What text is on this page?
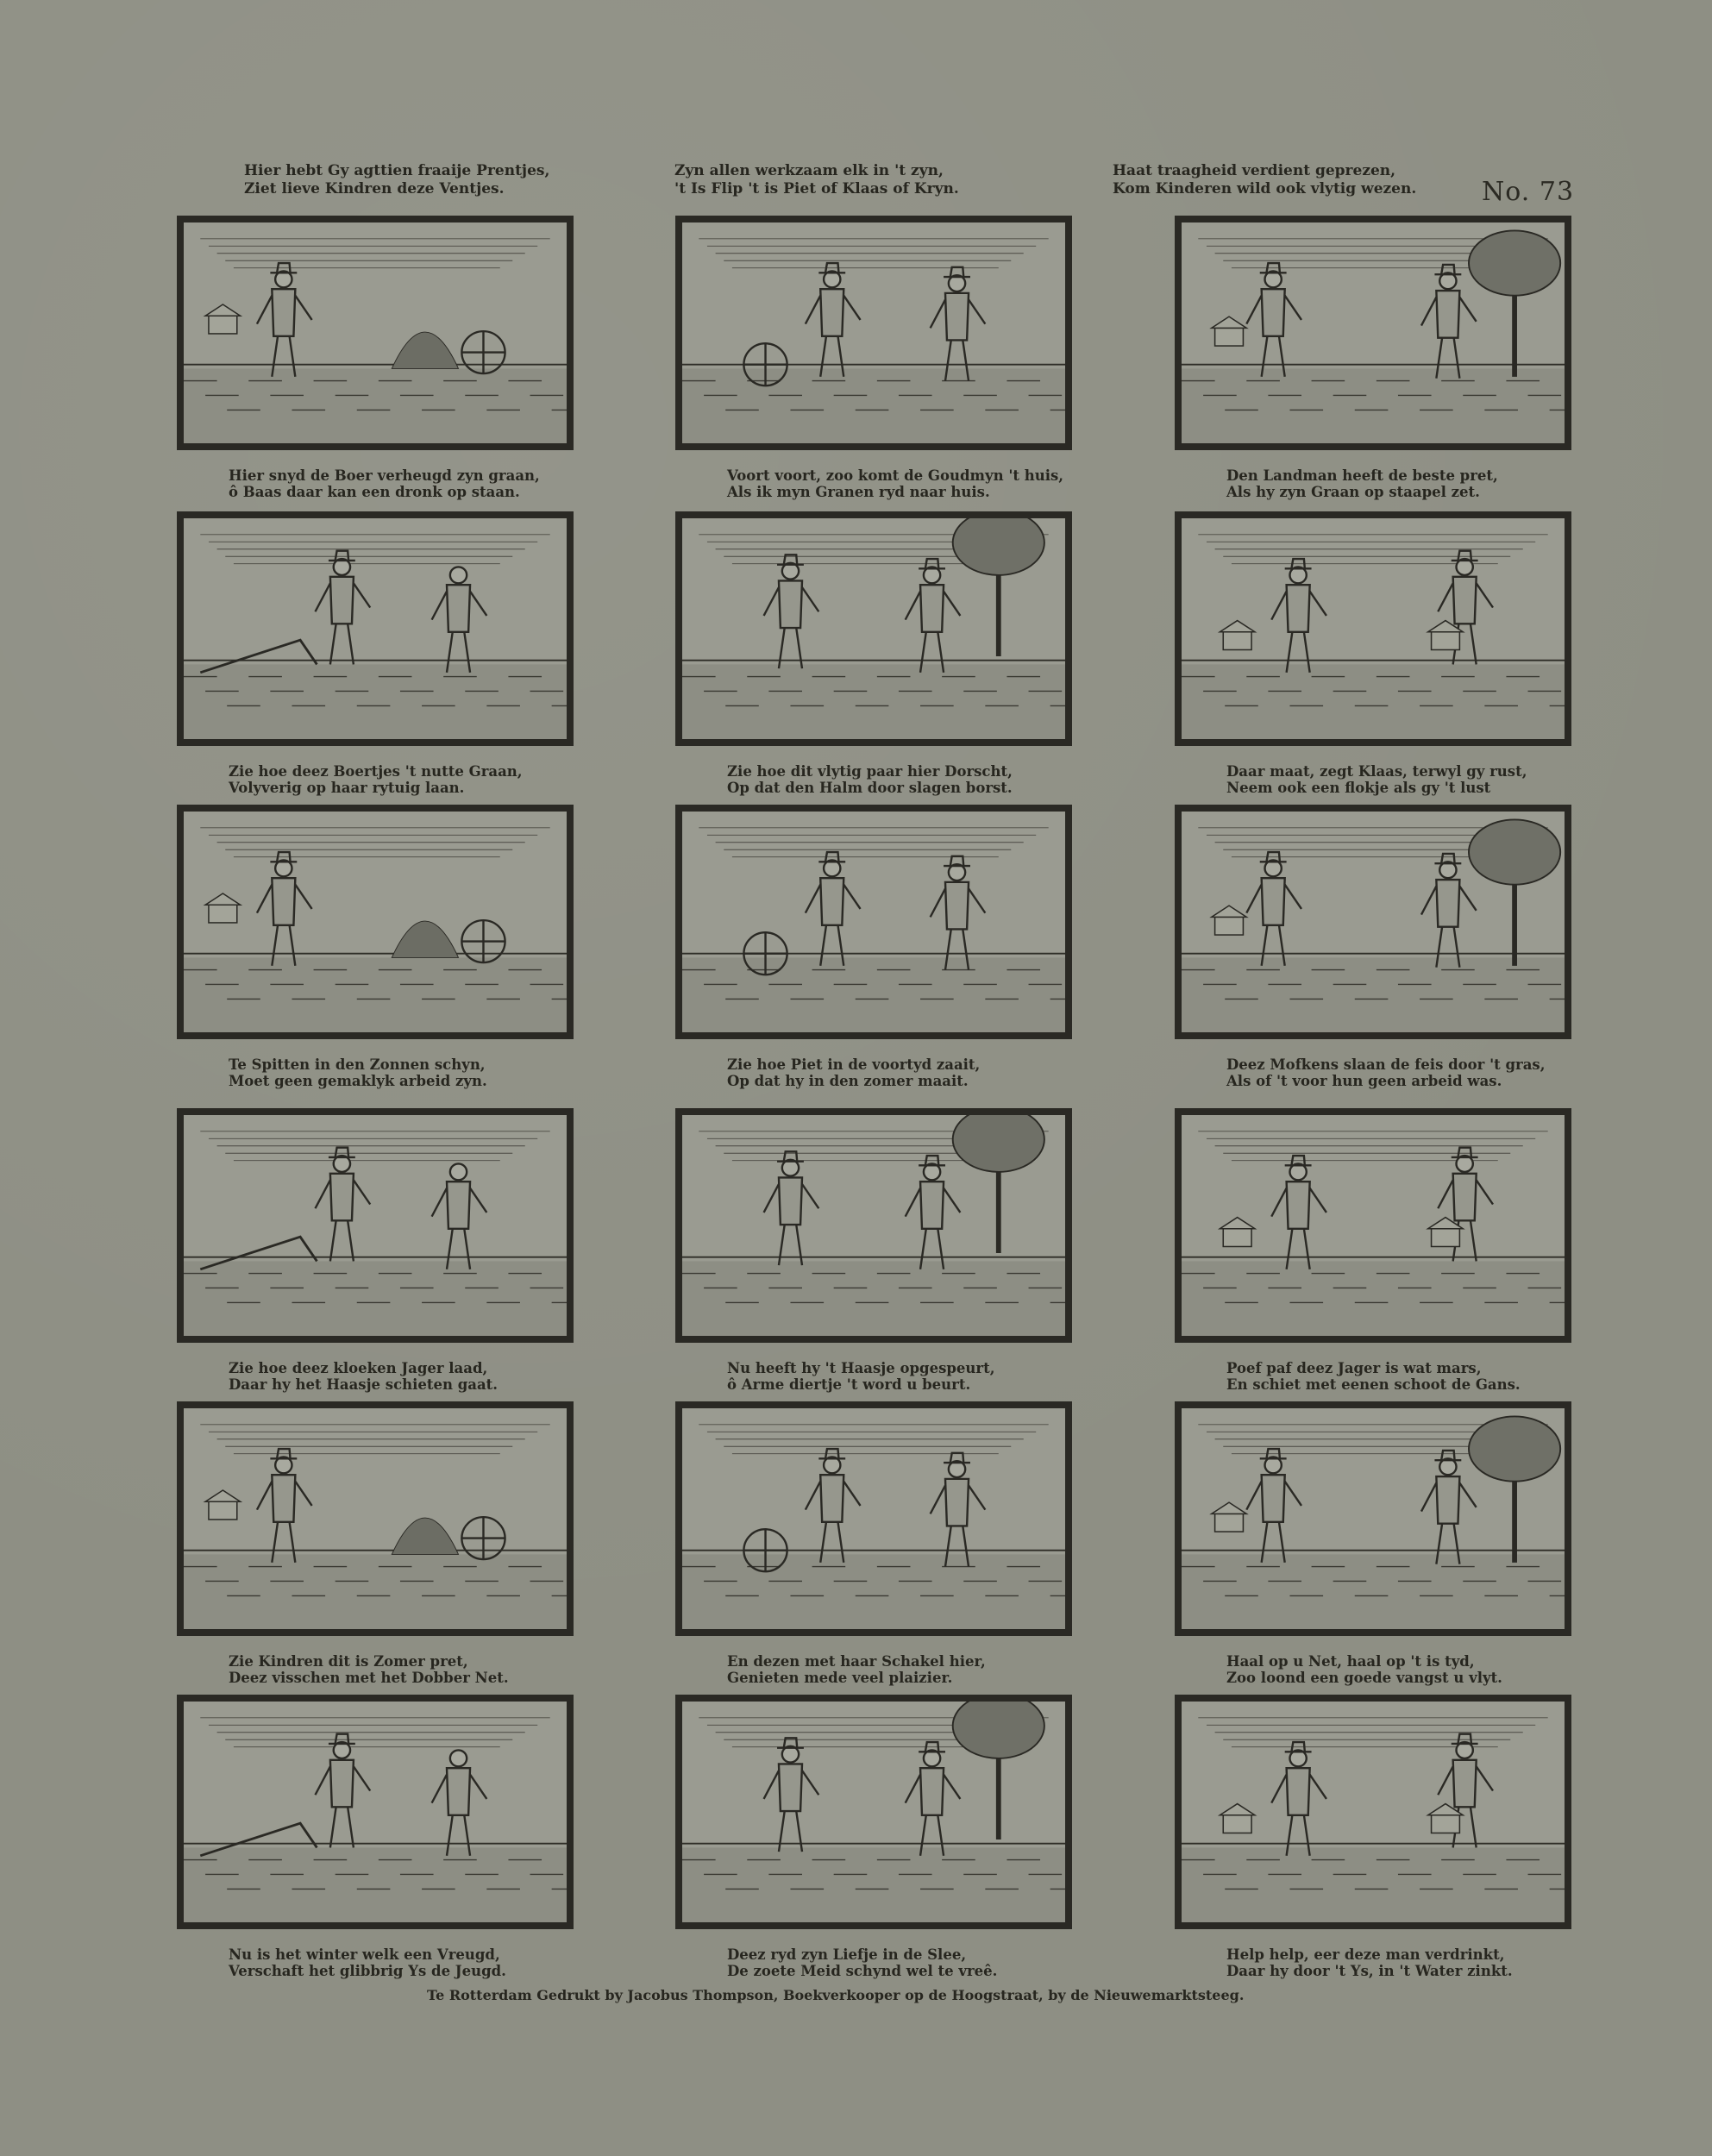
Hier hebt Gy agttien fraaije Prentjes,
Ziet lieve Kindren deze Ventjes.
Zyn allen werkzaam elk in 't zyn,
't Is Flip 't is Piet of Klaas of Kryn.
Haat traagheid verdient geprezen,
Kom Kinderen wild ook vlytig wezen.	No. 73
Hier snyd de Boer verheugd zyn graan,
ô Baas daar kan een dronk op staan.
Voort voort, zoo komt de Goudmyn 't huis,
Als ik myn Granen ryd naar huis.
Den Landman heeft de beste pret,
Als hy zyn Graan op staapel zet.
Zie hoe deez Boertjes 't nutte Graan,
Volyverig op haar rytuig laan.
Zie hoe dit vlytig paar hier Dorscht,
Op dat den Halm door slagen borst.
Daar maat, zegt Klaas, terwyl gy rust,
Neem ook een flokje als gy 't lust
Te Spitten in den Zonnen schyn,
Moet geen gemaklyk arbeid zyn.
Zie hoe Piet in de voortyd zaait,
Op dat hy in den zomer maait.
Deez Mofkens slaan de feis door 't gras,
Als of 't voor hun geen arbeid was.
Zie hoe deez kloeken Jager laad,
Daar hy het Haasje schieten gaat.
Nu heeft hy 't Haasje opgespeurt,
ô Arme diertje 't word u beurt.
Poef paf deez Jager is wat mars,
En schiet met eenen schoot de Gans.
Zie Kindren dit is Zomer pret,
Deez visschen met het Dobber Net.
En dezen met haar Schakel hier,
Genieten mede veel plaizier.
Haal op u Net, haal op 't is tyd,
Zoo loond een goede vangst u vlyt.
Nu is het winter welk een Vreugd,
Verschaft het glibbrig Ys de Jeugd.
Deez ryd zyn Liefje in de Slee,
De zoete Meid schynd wel te vreê.
Help help, eer deze man verdrinkt,
Daar hy door 't Ys, in 't Water zinkt.
Te Rotterdam Gedrukt by Jacobus Thompson, Boekverkooper op de Hoogstraat, by de Nieuwemarktsteeg.
